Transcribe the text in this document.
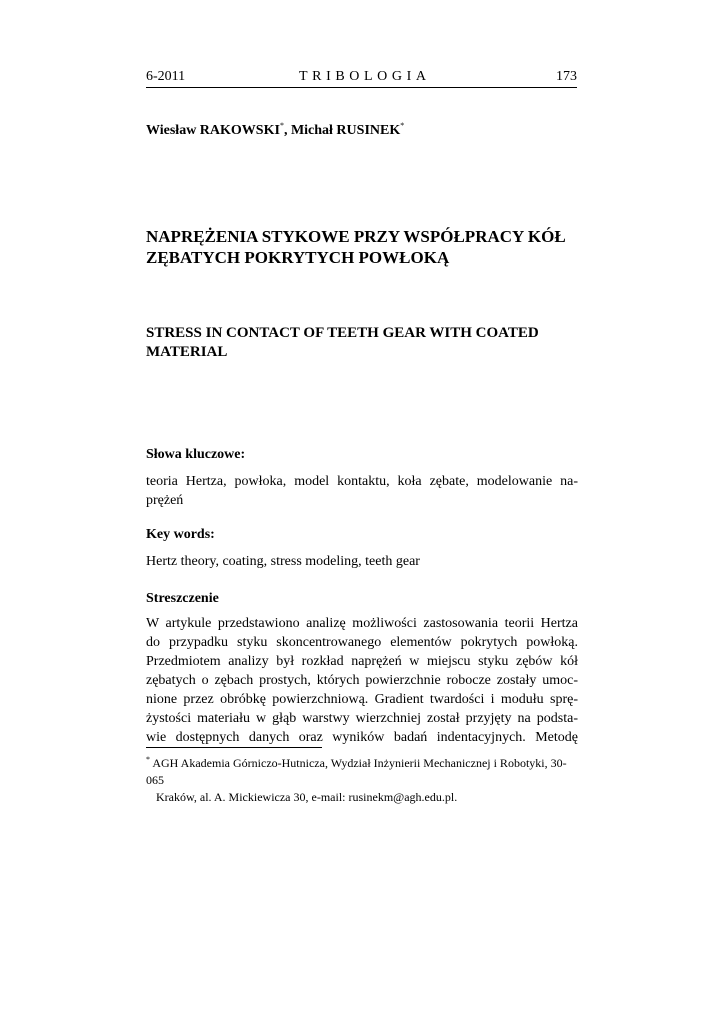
6-2011	TRIBOLOGIA	173
Wiesław RAKOWSKI*, Michał RUSINEK*
NAPRĘŻENIA STYKOWE PRZY WSPÓŁPRACY KÓŁ
ZĘBATYCH POKRYTYCH POWŁOKĄ
STRESS IN CONTACT OF TEETH GEAR WITH COATED
MATERIAL
Słowa kluczowe:
teoria Hertza, powłoka, model kontaktu, koła zębate, modelowanie na-
prężeń
Key words:
Hertz theory, coating, stress modeling, teeth gear
Streszczenie
W artykule przedstawiono analizę możliwości zastosowania teorii Hertza
do przypadku styku skoncentrowanego elementów pokrytych powłoką.
Przedmiotem analizy był rozkład naprężeń w miejscu styku zębów kół
zębatych o zębach prostych, których powierzchnie robocze zostały umoc-
nione przez obróbkę powierzchniową. Gradient twardości i modułu sprę-
żystości materiału w głąb warstwy wierzchniej został przyjęty na podsta-
wie dostępnych danych oraz wyników badań indentacyjnych. Metodę
* AGH Akademia Górniczo-Hutnicza, Wydział Inżynierii Mechanicznej i Robotyki, 30-065
Kraków, al. A. Mickiewicza 30, e-mail: rusinekm@agh.edu.pl.
